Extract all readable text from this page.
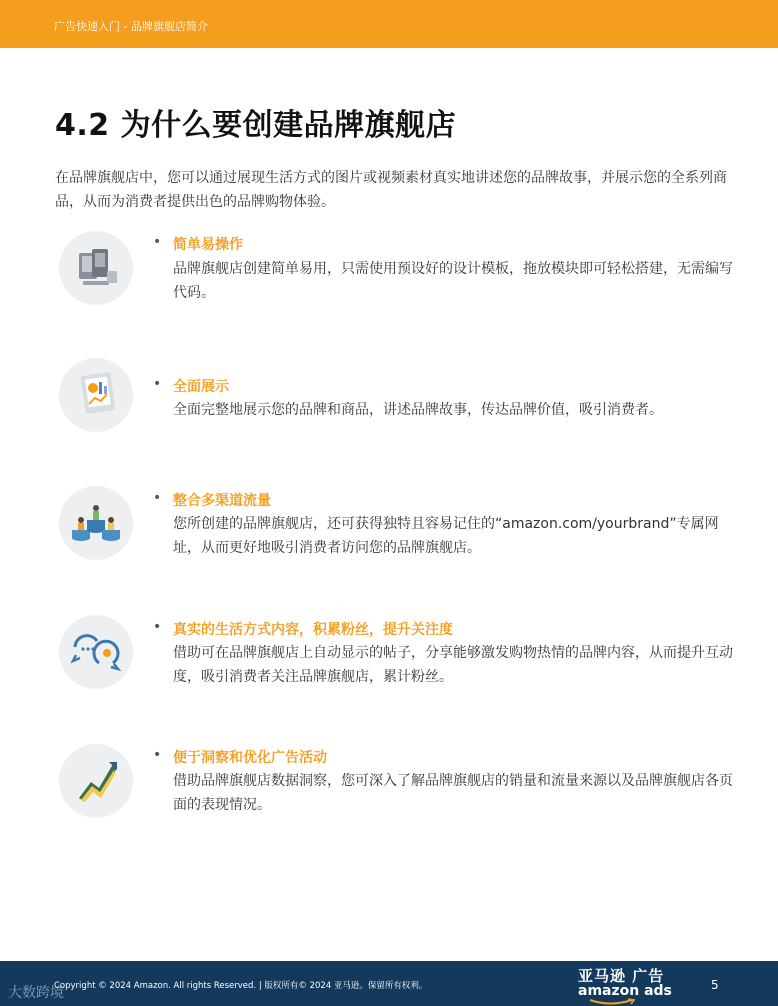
广告快速入门 - 品牌旗舰店简介
4.2 为什么要创建品牌旗舰店
在品牌旗舰店中，您可以通过展现生活方式的图片或视频素材真实地讲述您的品牌故事，并展示您的全系列商品，从而为消费者提供出色的品牌购物体验。
• 简单易操作
品牌旗舰店创建简单易用，只需使用预设好的设计模板，拖放模块即可轻松搭建，无需编写代码。
• 全面展示
全面完整地展示您的品牌和商品，讲述品牌故事，传达品牌价值，吸引消费者。
• 整合多渠道流量
您所创建的品牌旗舰店，还可获得独特且容易记住的“amazon.com/yourbrand”专属网址，从而更好地吸引消费者访问您的品牌旗舰店。
• 真实的生活方式内容，积累粉丝，提升关注度
借助可在品牌旗舰店上自动显示的帖子，分享能够激发购物热情的品牌内容，从而提升互动度，吸引消费者关注品牌旗舰店，累计粉丝。
• 便于洞察和优化广告活动
借助品牌旗舰店数据洞察，您可深入了解品牌旗舰店的销量和流量来源以及品牌旗舰店各页面的表现情况。
大数跨境
Copyright © 2024 Amazon. All rights Reserved. | 版权所有© 2024 亚马逊。保留所有权利。
亚马逊 广告
amazon ads	5
